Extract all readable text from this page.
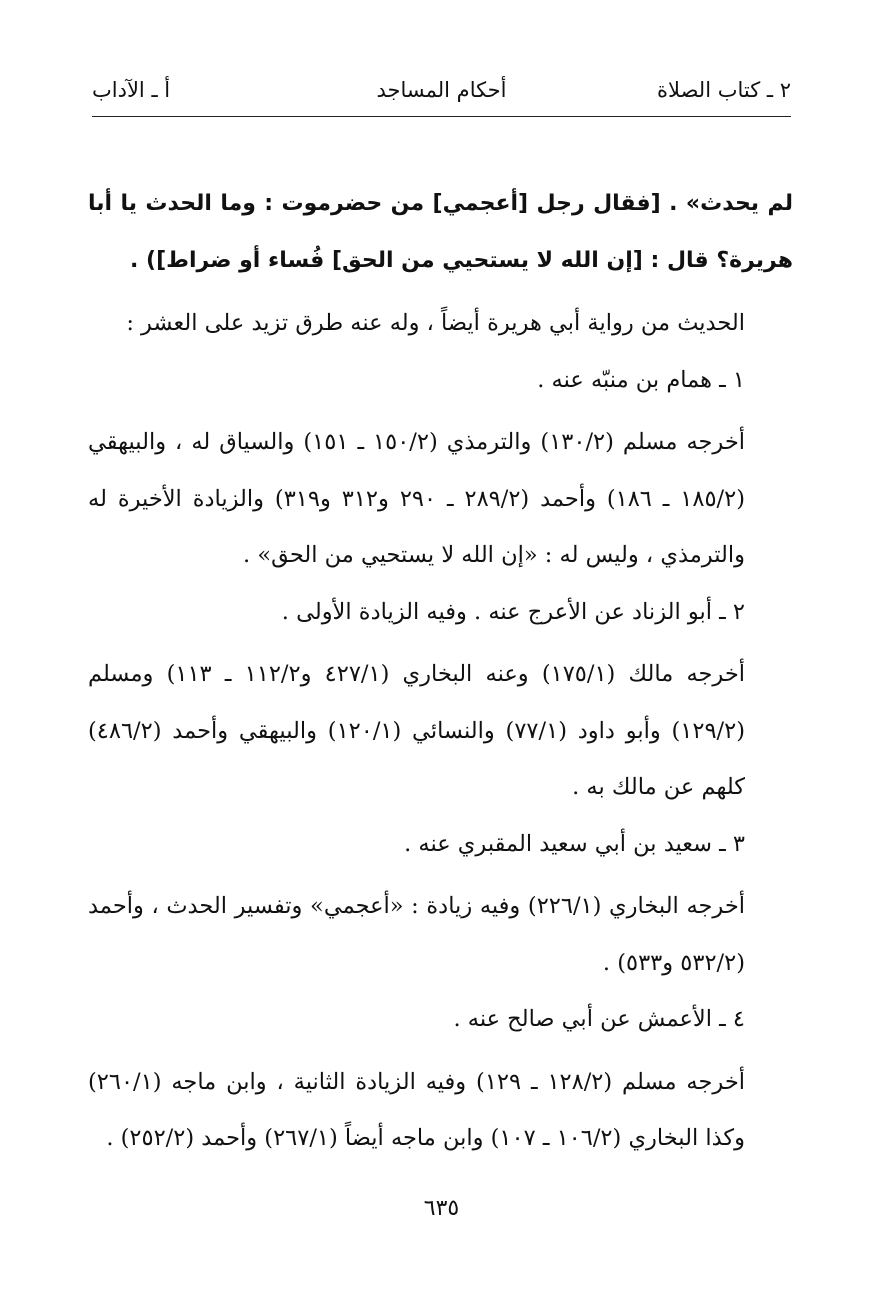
٢ ـ كتاب الصلاة
أحكام المساجد
أ ـ الآداب

لم يحدث» . [فقال رجل [أعجمي] من حضرموت : وما الحدث يا أبا هريرة؟ قال : [إن الله لا يستحيي من الحق] فُساء أو ضراط]) .

الحديث من رواية أبي هريرة أيضاً ، وله عنه طرق تزيد على العشر :

١ ـ همام بن منبّه عنه .

أخرجه مسلم (١٣٠/٢) والترمذي (١٥٠/٢ ـ ١٥١) والسياق له ، والبيهقي (١٨٥/٢ ـ ١٨٦) وأحمد (٢٨٩/٢ ـ ٢٩٠ و٣١٢ و٣١٩) والزيادة الأخيرة له والترمذي ، وليس له : «إن الله لا يستحيي من الحق» .

٢ ـ أبو الزناد عن الأعرج عنه . وفيه الزيادة الأولى .

أخرجه مالك (١٧٥/١) وعنه البخاري (٤٢٧/١ و١١٢/٢ ـ ١١٣) ومسلم (١٢٩/٢) وأبو داود (٧٧/١) والنسائي (١٢٠/١) والبيهقي وأحمد (٤٨٦/٢) كلهم عن مالك به .

٣ ـ سعيد بن أبي سعيد المقبري عنه .

أخرجه البخاري (٢٢٦/١) وفيه زيادة : «أعجمي» وتفسير الحدث ، وأحمد (٥٣٢/٢ و٥٣٣) .

٤ ـ الأعمش عن أبي صالح عنه .

أخرجه مسلم (١٢٨/٢ ـ ١٢٩) وفيه الزيادة الثانية ، وابن ماجه (٢٦٠/١) وكذا البخاري (١٠٦/٢ ـ ١٠٧) وابن ماجه أيضاً (٢٦٧/١) وأحمد (٢٥٢/٢) .

٦٣٥
